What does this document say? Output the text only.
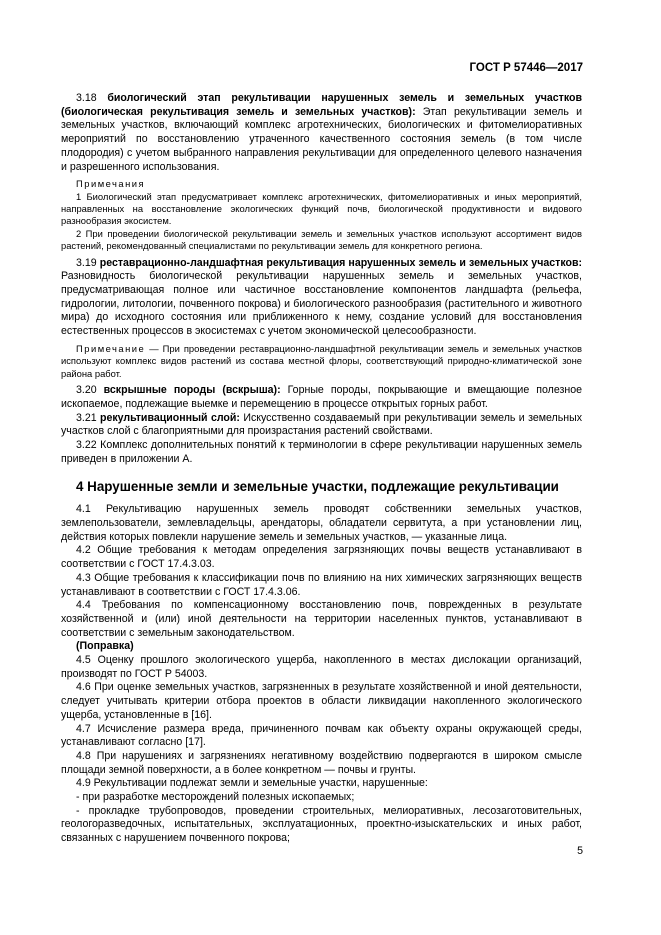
ГОСТ Р 57446—2017

3.18 биологический этап рекультивации нарушенных земель и земельных участков (биологическая рекультивация земель и земельных участков): Этап рекультивации земель и земельных участков, включающий комплекс агротехнических, биологических и фитомелиоративных мероприятий по восстановлению утраченного качественного состояния земель (в том числе плодородия) с учетом выбранного направления рекультивации для определенного целевого назначения и разрешенного использования.

Примечания

1 Биологический этап предусматривает комплекс агротехнических, фитомелиоративных и иных мероприятий, направленных на восстановление экологических функций почв, биологической продуктивности и видового разнообразия экосистем.

2 При проведении биологической рекультивации земель и земельных участков используют ассортимент видов растений, рекомендованный специалистами по рекультивации земель для конкретного региона.

3.19 реставрационно-ландшафтная рекультивация нарушенных земель и земельных участков: Разновидность биологической рекультивации нарушенных земель и земельных участков, предусматривающая полное или частичное восстановление компонентов ландшафта (рельефа, гидрологии, литологии, почвенного покрова) и биологического разнообразия (растительного и животного мира) до исходного состояния или приближенного к нему, создание условий для восстановления естественных процессов в экосистемах с учетом экономической целесообразности.

Примечание — При проведении реставрационно-ландшафтной рекультивации земель и земельных участков используют комплекс видов растений из состава местной флоры, соответствующий природно-климатической зоне района работ.

3.20 вскрышные породы (вскрыша): Горные породы, покрывающие и вмещающие полезное ископаемое, подлежащие выемке и перемещению в процессе открытых горных работ.

3.21 рекультивационный слой: Искусственно создаваемый при рекультивации земель и земельных участков слой с благоприятными для произрастания растений свойствами.

3.22 Комплекс дополнительных понятий к терминологии в сфере рекультивации нарушенных земель приведен в приложении А.

4 Нарушенные земли и земельные участки, подлежащие рекультивации

4.1 Рекультивацию нарушенных земель проводят собственники земельных участков, землепользователи, землевладельцы, арендаторы, обладатели сервитута, а при установлении лиц, действия которых повлекли нарушение земель и земельных участков, — указанные лица.

4.2 Общие требования к методам определения загрязняющих почвы веществ устанавливают в соответствии с ГОСТ 17.4.3.03.

4.3 Общие требования к классификации почв по влиянию на них химических загрязняющих веществ устанавливают в соответствии с ГОСТ 17.4.3.06.

4.4 Требования по компенсационному восстановлению почв, поврежденных в результате хозяйственной и (или) иной деятельности на территории населенных пунктов, устанавливают в соответствии с земельным законодательством.

(Поправка)

4.5 Оценку прошлого экологического ущерба, накопленного в местах дислокации организаций, производят по ГОСТ Р 54003.

4.6 При оценке земельных участков, загрязненных в результате хозяйственной и иной деятельности, следует учитывать критерии отбора проектов в области ликвидации накопленного экологического ущерба, установленные в [16].

4.7 Исчисление размера вреда, причиненного почвам как объекту охраны окружающей среды, устанавливают согласно [17].

4.8 При нарушениях и загрязнениях негативному воздействию подвергаются в широком смысле площади земной поверхности, а в более конкретном — почвы и грунты.

4.9 Рекультивации подлежат земли и земельные участки, нарушенные:

- при разработке месторождений полезных ископаемых;

- прокладке трубопроводов, проведении строительных, мелиоративных, лесозаготовительных, геологоразведочных, испытательных, эксплуатационных, проектно-изыскательских и иных работ, связанных с нарушением почвенного покрова;

5
